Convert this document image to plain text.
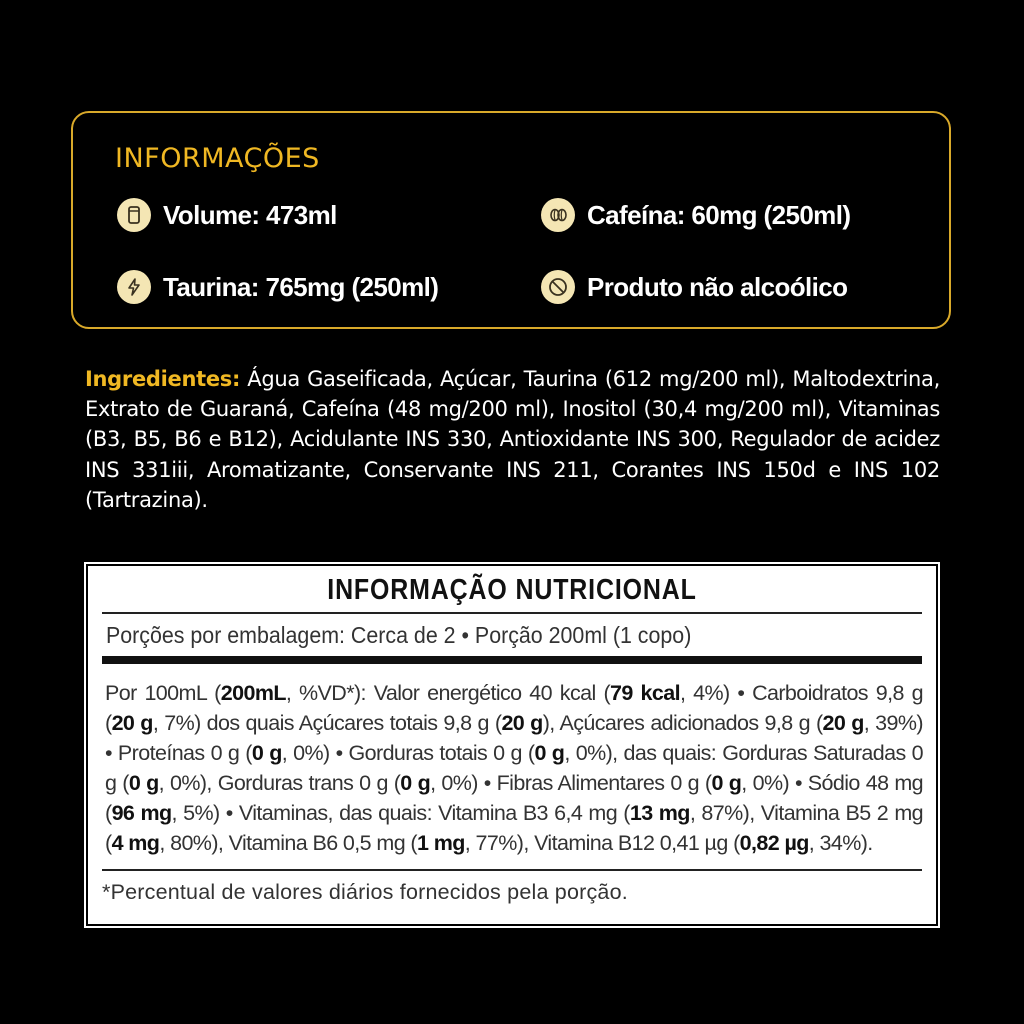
INFORMAÇÕES
Volume: 473ml	Cafeína: 60mg (250ml)
Taurina: 765mg (250ml)	Produto não alcoólico
Ingredientes: Água Gaseificada, Açúcar, Taurina (612 mg/200 ml), Maltodextrina, Extrato de Guaraná, Cafeína (48 mg/200 ml), Inositol (30,4 mg/200 ml), Vitaminas (B3, B5, B6 e B12), Acidulante INS 330, Antioxidante INS 300, Regulador de acidez INS 331iii, Aromatizante, Conservante INS 211, Corantes INS 150d e INS 102 (Tartrazina).
INFORMAÇÃO NUTRICIONAL
Porções por embalagem: Cerca de 2 • Porção 200ml (1 copo)
Por 100mL (200mL, %VD*): Valor energético 40 kcal (79 kcal, 4%) • Carboidratos 9,8 g (20 g, 7%) dos quais Açúcares totais 9,8 g (20 g), Açúcares adicionados 9,8 g (20 g, 39%) • Proteínas 0 g (0 g, 0%) • Gorduras totais 0 g (0 g, 0%), das quais: Gorduras Saturadas 0 g (0 g, 0%), Gorduras trans 0 g (0 g, 0%) • Fibras Alimentares 0 g (0 g, 0%) • Sódio 48 mg (96 mg, 5%) • Vitaminas, das quais: Vitamina B3 6,4 mg (13 mg, 87%), Vitamina B5 2 mg (4 mg, 80%), Vitamina B6 0,5 mg (1 mg, 77%), Vitamina B12 0,41 µg (0,82 µg, 34%).
*Percentual de valores diários fornecidos pela porção.
